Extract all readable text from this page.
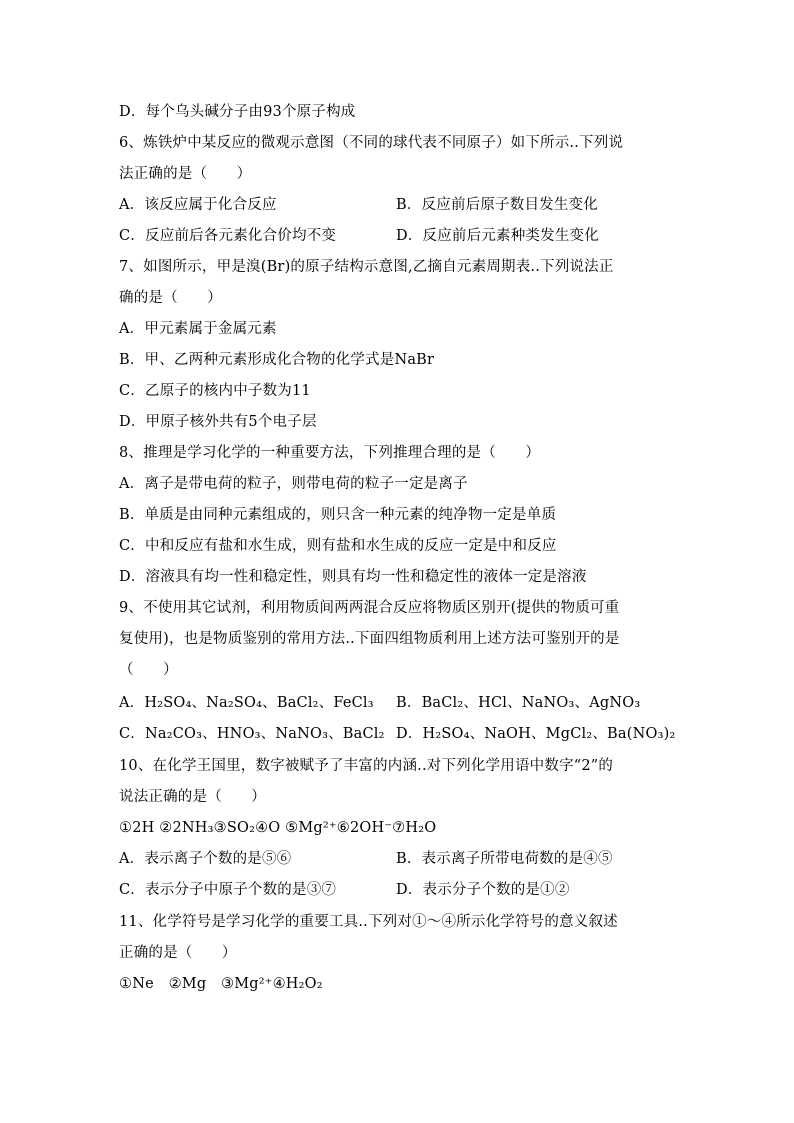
D．每个乌头碱分子由93个原子构成
6、炼铁炉中某反应的微观示意图（不同的球代表不同原子）如下所示..下列说
法正确的是（　　）
A．该反应属于化合反应	B．反应前后原子数目发生变化
C．反应前后各元素化合价均不变	D．反应前后元素种类发生变化
7、如图所示，甲是溴(Br)的原子结构示意图,乙摘自元素周期表..下列说法正
确的是（　　）
A．甲元素属于金属元素
B．甲、乙两种元素形成化合物的化学式是NaBr
C．乙原子的核内中子数为11
D．甲原子核外共有5个电子层
8、推理是学习化学的一种重要方法，下列推理合理的是（　　）
A．离子是带电荷的粒子，则带电荷的粒子一定是离子
B．单质是由同种元素组成的，则只含一种元素的纯净物一定是单质
C．中和反应有盐和水生成，则有盐和水生成的反应一定是中和反应
D．溶液具有均一性和稳定性，则具有均一性和稳定性的液体一定是溶液
9、不使用其它试剂，利用物质间两两混合反应将物质区别开(提供的物质可重
复使用)，也是物质鉴别的常用方法..下面四组物质利用上述方法可鉴别开的是
（　　）
A．H₂SO₄、Na₂SO₄、BaCl₂、FeCl₃ B．BaCl₂、HCl、NaNO₃、AgNO₃
C．Na₂CO₃、HNO₃、NaNO₃、BaCl₂ D．H₂SO₄、NaOH、MgCl₂、Ba(NO₃)₂
10、在化学王国里，数字被赋予了丰富的内涵..对下列化学用语中数字“2”的
说法正确的是（　　）
①2H ②2NH₃③SO₂④O ⑤Mg²⁺⑥2OH⁻⑦H₂O
A．表示离子个数的是⑤⑥	B．表示离子所带电荷数的是④⑤
C．表示分子中原子个数的是③⑦	D．表示分子个数的是①②
11、化学符号是学习化学的重要工具..下列对①～④所示化学符号的意义叙述
正确的是（　　）
①Ne　②Mg　③Mg²⁺④H₂O₂
